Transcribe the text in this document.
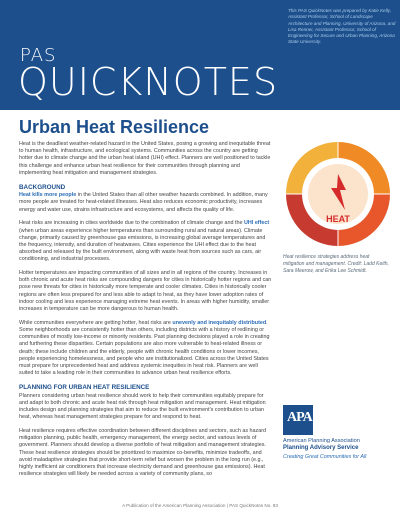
PAS
QUICKNOTES
This PAS QuickNotes was prepared by Katie Kelly, Assistant Professor, School of Landscape Architecture and Planning, University of Arizona, and Lisa Renner, Assistant Professor, School of Engineering for Secure and Urban Planning, Arizona State University.
Urban Heat Resilience

Heat is the deadliest weather-related hazard in the United States, posing a growing and inequitable threat to human health, infrastructure, and ecological systems. Communities across the country are getting hotter due to climate change and the urban heat island (UHI) effect. Planners are well positioned to tackle this challenge and enhance urban heat resilience for their communities through planning and implementing heat mitigation and management strategies.

BACKGROUND

Heat kills more people in the United States than all other weather hazards combined. In addition, many more people are treated for heat-related illnesses. Heat also reduces economic productivity, increases energy and water use, strains infrastructure and ecosystems, and affects the quality of life.

Heat risks are increasing in cities worldwide due to the combination of climate change and the UHI effect (when urban areas experience higher temperatures than surrounding rural and natural areas). Climate change, primarily caused by greenhouse gas emissions, is increasing global average temperatures and the frequency, intensity, and duration of heatwaves. Cities experience the UHI effect due to the heat absorbed and released by the built environment, along with waste heat from sources such as cars, air conditioning, and industrial processes.

Hotter temperatures are impacting communities of all sizes and in all regions of the country. Increases in both chronic and acute heat risks are compounding dangers for cities in historically hotter regions and can pose new threats for cities in historically more temperate and cooler climates. Cities in historically cooler regions are often less prepared for and less able to adapt to heat, as they have lower adoption rates of indoor cooling and less experience managing extreme heat events. In areas with higher humidity, smaller increases in temperature can be more dangerous to human health.

While communities everywhere are getting hotter, heat risks are unevenly and inequitably distributed. Some neighborhoods are consistently hotter than others, including districts with a history of redlining or communities of mostly low-income or minority residents. Past planning decisions played a role in creating and furthering these disparities. Certain populations are also more vulnerable to heat-related illness or death; these include children and the elderly, people with chronic health conditions or lower incomes, people experiencing homelessness, and people who are institutionalized. Cities across the United States must prepare for unprecedented heat and address systemic inequities in heat risk. Planners are well suited to take a leading role in their communities to advance urban heat resilience efforts.

PLANNING FOR URBAN HEAT RESILIENCE

Planners considering urban heat resilience should work to help their communities equitably prepare for and adapt to both chronic and acute heat risk through heat mitigation and management. Heat mitigation includes design and planning strategies that aim to reduce the built environment's contribution to urban heat, whereas heat management strategies prepare for and respond to heat.

Heat resilience requires effective coordination between different disciplines and sectors, such as hazard mitigation planning, public health, emergency management, the energy sector, and various levels of government. Planners should develop a diverse portfolio of heat mitigation and management strategies. These heat resilience strategies should be prioritized to maximize co-benefits, minimize tradeoffs, and avoid maladaptive strategies that provide short-term relief but worsen the problem in the long run (e.g., highly inefficient air conditioners that increase electricity demand and greenhouse gas emissions). Heat resilience strategies will likely be needed across a variety of community plans, so

HEAT
Heat resilience strategies address heat mitigation and management. Credit: Ladd Keith, Sara Meerow, and Erika Lee Schmidt.
APA
American Planning Association
Planning Advisory Service
Creating Great Communities for All
A Publication of the American Planning Association | PAS QuickNotes No. 93
